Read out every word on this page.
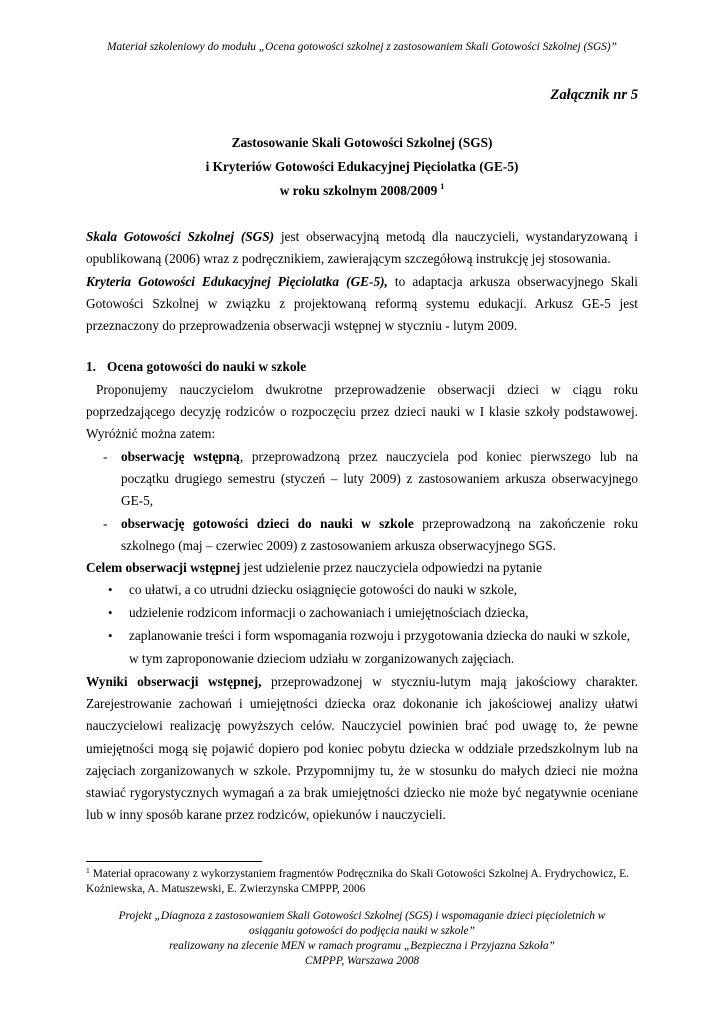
Materiał szkoleniowy do modułu „Ocena gotowości szkolnej z zastosowaniem Skali Gotowości Szkolnej (SGS)”
Załącznik nr 5
Zastosowanie Skali Gotowości Szkolnej (SGS)
i Kryteriów Gotowości Edukacyjnej Pięciolatka (GE-5)
w roku szkolnym 2008/2009 $^1$

Skala Gotowości Szkolnej (SGS) jest obserwacyjną metodą dla nauczycieli, wystandaryzowaną i opublikowaną (2006) wraz z podręcznikiem, zawierającym szczegółową instrukcję jej stosowania.

Kryteria Gotowości Edukacyjnej Pięciolatka (GE-5), to adaptacja arkusza obserwacyjnego Skali Gotowości Szkolnej w związku z projektowaną reformą systemu edukacji. Arkusz GE-5 jest przeznaczony do przeprowadzenia obserwacji wstępnej w styczniu - lutym 2009.

1. Ocena gotowości do nauki w szkole

Proponujemy nauczycielom dwukrotne przeprowadzenie obserwacji dzieci w ciągu roku poprzedzającego decyzję rodziców o rozpoczęciu przez dzieci nauki w I klasie szkoły podstawowej. Wyróżnić można zatem:

- obserwację wstępną, przeprowadzoną przez nauczyciela pod koniec pierwszego lub na początku drugiego semestru (styczeń – luty 2009) z zastosowaniem arkusza obserwacyjnego GE-5,
- obserwację gotowości dzieci do nauki w szkole przeprowadzoną na zakończenie roku szkolnego (maj – czerwiec 2009) z zastosowaniem arkusza obserwacyjnego SGS.

Celem obserwacji wstępnej jest udzielenie przez nauczyciela odpowiedzi na pytanie

• co ułatwi, a co utrudni dziecku osiągnięcie gotowości do nauki w szkole,
• udzielenie rodzicom informacji o zachowaniach i umiejętnościach dziecka,
• zaplanowanie treści i form wspomagania rozwoju i przygotowania dziecka do nauki w szkole, w tym zaproponowanie dzieciom udziału w zorganizowanych zajęciach.

Wyniki obserwacji wstępnej, przeprowadzonej w styczniu-lutym mają jakościowy charakter. Zarejestrowanie zachowań i umiejętności dziecka oraz dokonanie ich jakościowej analizy ułatwi nauczycielowi realizację powyższych celów. Nauczyciel powinien brać pod uwagę to, że pewne umiejętności mogą się pojawić dopiero pod koniec pobytu dziecka w oddziale przedszkolnym lub na zajęciach zorganizowanych w szkole. Przypomnijmy tu, że w stosunku do małych dzieci nie można stawiać rygorystycznych wymagań a za brak umiejętności dziecko nie może być negatywnie oceniane lub w inny sposób karane przez rodziców, opiekunów i nauczycieli.

$^1$ Materiał opracowany z wykorzystaniem fragmentów Podręcznika do Skali Gotowości Szkolnej A. Frydrychowicz, E. Koźniewska, A. Matuszewski, E. Zwierzynska CMPPP, 2006

Projekt „Diagnoza z zastosowaniem Skali Gotowości Szkolnej (SGS) i wspomaganie dzieci pięcioletnich w

osiąganiu gotowości do podjęcia nauki w szkole”

realizowany na zlecenie MEN w ramach programu „Bezpieczna i Przyjazna Szkoła”

CMPPP, Warszawa 2008
